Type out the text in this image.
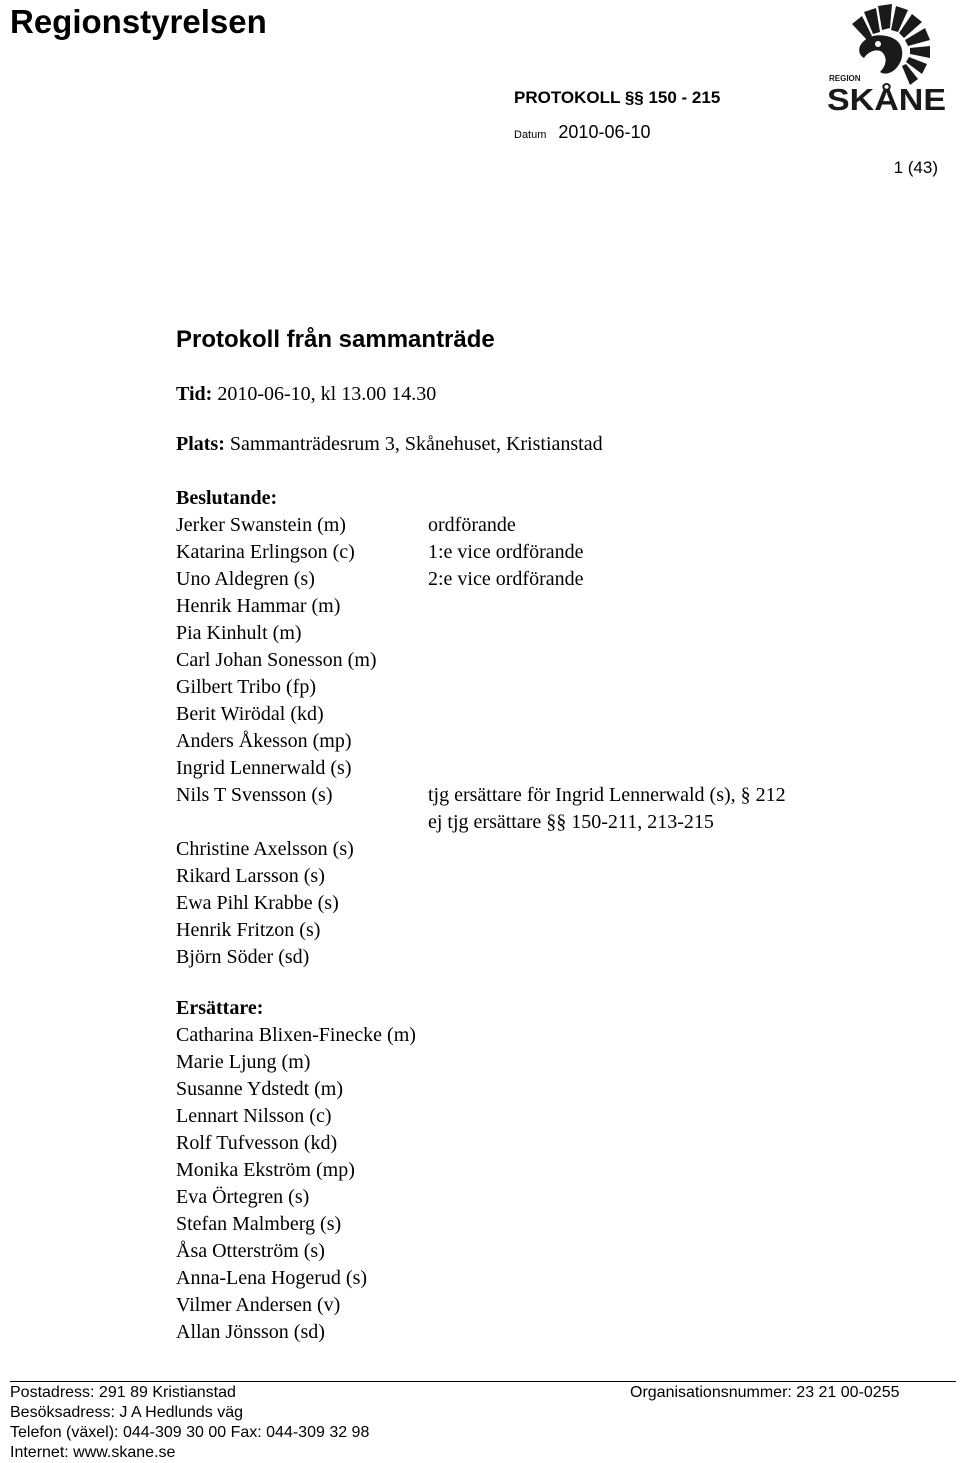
Regionstyrelsen
PROTOKOLL §§ 150 - 215
Datum 2010-06-10
1 (43)
REGION
SKÅNE
Protokoll från sammanträde
Tid: 2010-06-10, kl 13.00 14.30
Plats: Sammanträdesrum 3, Skånehuset, Kristianstad
Beslutande:
Jerker Swanstein (m)	ordförande
Katarina Erlingson (c)	1:e vice ordförande
Uno Aldegren (s)	2:e vice ordförande
Henrik Hammar (m)
Pia Kinhult (m)
Carl Johan Sonesson (m)
Gilbert Tribo (fp)
Berit Wirödal (kd)
Anders Åkesson (mp)
Ingrid Lennerwald (s)
Nils T Svensson (s)	tjg ersättare för Ingrid Lennerwald (s), § 212
ej tjg ersättare §§ 150-211, 213-215
Christine Axelsson (s)
Rikard Larsson (s)
Ewa Pihl Krabbe (s)
Henrik Fritzon (s)
Björn Söder (sd)
Ersättare:
Catharina Blixen-Finecke (m)
Marie Ljung (m)
Susanne Ydstedt (m)
Lennart Nilsson (c)
Rolf Tufvesson (kd)
Monika Ekström (mp)
Eva Örtegren (s)
Stefan Malmberg (s)
Åsa Otterström (s)
Anna-Lena Hogerud (s)
Vilmer Andersen (v)
Allan Jönsson (sd)
Postadress: 291 89 Kristianstad
Besöksadress: J A Hedlunds väg
Telefon (växel): 044-309 30 00 Fax: 044-309 32 98
Internet: www.skane.se
Organisationsnummer: 23 21 00-0255
